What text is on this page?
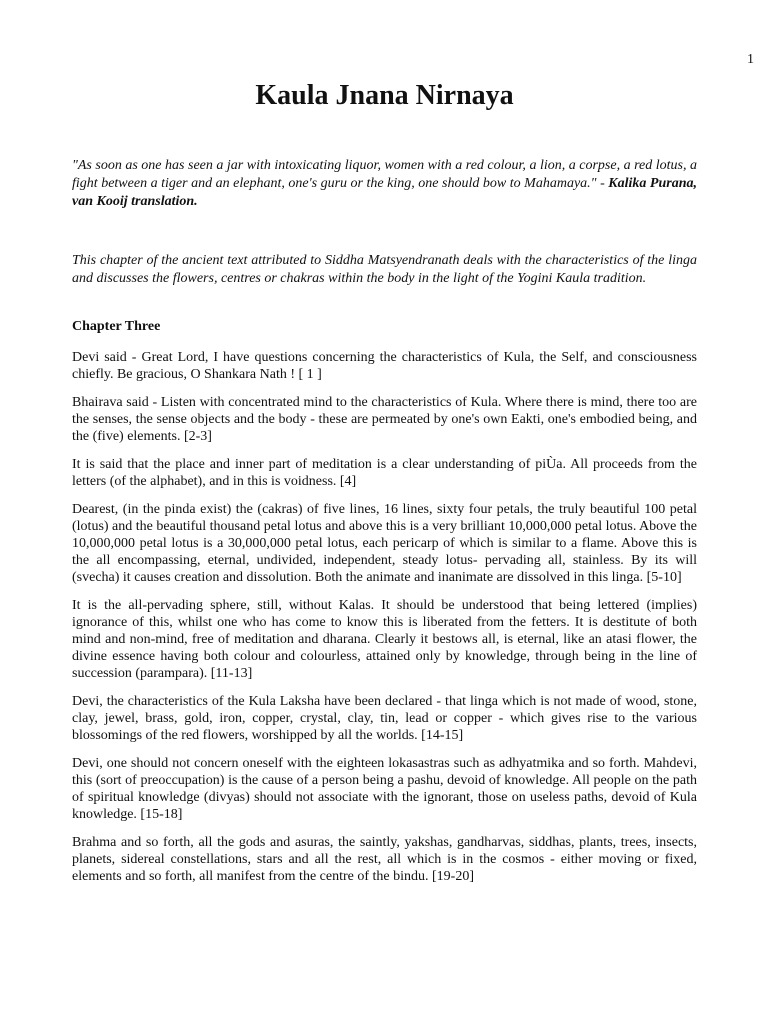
1
Kaula Jnana Nirnaya

"As soon as one has seen a jar with intoxicating liquor, women with a red colour, a lion, a corpse, a red lotus, a fight between a tiger and an elephant, one's guru or the king, one should bow to Mahamaya." - Kalika Purana, van Kooij translation.

This chapter of the ancient text attributed to Siddha Matsyendranath deals with the characteristics of the linga and discusses the flowers, centres or chakras within the body in the light of the Yogini Kaula tradition.

Chapter Three

Devi said - Great Lord, I have questions concerning the characteristics of Kula, the Self, and consciousness chiefly. Be gracious, O Shankara Nath ! [ 1 ]

Bhairava said - Listen with concentrated mind to the characteristics of Kula. Where there is mind, there too are the senses, the sense objects and the body - these are permeated by one's own Eakti, one's embodied being, and the (five) elements. [2-3]

It is said that the place and inner part of meditation is a clear understanding of piÙa. All proceeds from the letters (of the alphabet), and in this is voidness. [4]

Dearest, (in the pinda exist) the (cakras) of five lines, 16 lines, sixty four petals, the truly beautiful 100 petal (lotus) and the beautiful thousand petal lotus and above this is a very brilliant 10,000,000 petal lotus. Above the 10,000,000 petal lotus is a 30,000,000 petal lotus, each pericarp of which is similar to a flame. Above this is the all encompassing, eternal, undivided, independent, steady lotus- pervading all, stainless. By its will (svecha) it causes creation and dissolution. Both the animate and inanimate are dissolved in this linga. [5-10]

It is the all-pervading sphere, still, without Kalas. It should be understood that being lettered (implies) ignorance of this, whilst one who has come to know this is liberated from the fetters. It is destitute of both mind and non-mind, free of meditation and dharana. Clearly it bestows all, is eternal, like an atasi flower, the divine essence having both colour and colourless, attained only by knowledge, through being in the line of succession (parampara). [11-13]

Devi, the characteristics of the Kula Laksha have been declared - that linga which is not made of wood, stone, clay, jewel, brass, gold, iron, copper, crystal, clay, tin, lead or copper - which gives rise to the various blossomings of the red flowers, worshipped by all the worlds. [14-15]

Devi, one should not concern oneself with the eighteen lokasastras such as adhyatmika and so forth. Mahdevi, this (sort of preoccupation) is the cause of a person being a pashu, devoid of knowledge. All people on the path of spiritual knowledge (divyas) should not associate with the ignorant, those on useless paths, devoid of Kula knowledge. [15-18]

Brahma and so forth, all the gods and asuras, the saintly, yakshas, gandharvas, siddhas, plants, trees, insects, planets, sidereal constellations, stars and all the rest, all which is in the cosmos - either moving or fixed, elements and so forth, all manifest from the centre of the bindu. [19-20]
